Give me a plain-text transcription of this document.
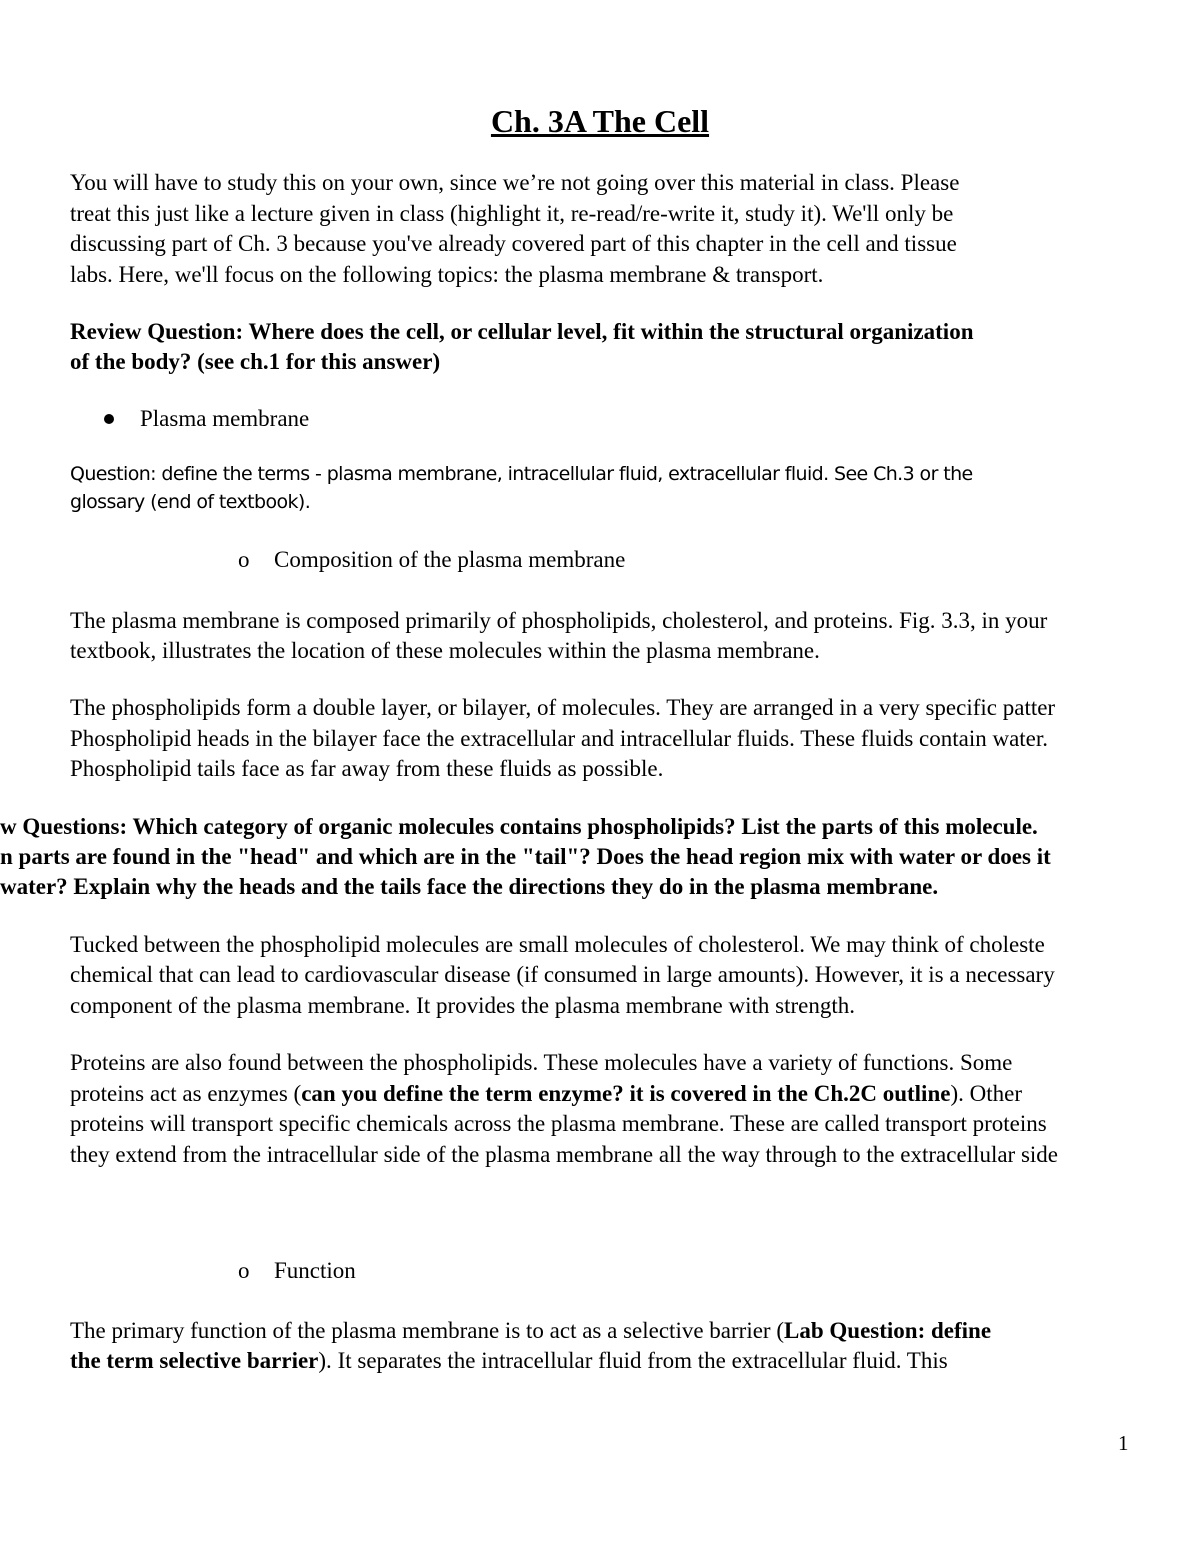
Ch. 3A The Cell
You will have to study this on your own, since we’re not going over this material in class. Please
treat this just like a lecture given in class (highlight it, re-read/re-write it, study it). We'll only be
discussing part of Ch. 3 because you've already covered part of this chapter in the cell and tissue
labs. Here, we'll focus on the following topics: the plasma membrane & transport.
Review Question: Where does the cell, or cellular level, fit within the structural organization
of the body? (see ch.1 for this answer)
Plasma membrane
Question: define the terms - plasma membrane, intracellular fluid, extracellular fluid. See Ch.3 or the
glossary (end of textbook).
o Composition of the plasma membrane
The plasma membrane is composed primarily of phospholipids, cholesterol, and proteins. Fig. 3.3, in your
textbook, illustrates the location of these molecules within the plasma membrane.
The phospholipids form a double layer, or bilayer, of molecules. They are arranged in a very specific patter
Phospholipid heads in the bilayer face the extracellular and intracellular fluids. These fluids contain water.
Phospholipid tails face as far away from these fluids as possible.
w Questions: Which category of organic molecules contains phospholipids? List the parts of this molecule.
n parts are found in the "head" and which are in the "tail"? Does the head region mix with water or does it
water? Explain why the heads and the tails face the directions they do in the plasma membrane.
Tucked between the phospholipid molecules are small molecules of cholesterol. We may think of choleste
chemical that can lead to cardiovascular disease (if consumed in large amounts). However, it is a necessary
component of the plasma membrane. It provides the plasma membrane with strength.
Proteins are also found between the phospholipids. These molecules have a variety of functions. Some
proteins act as enzymes (can you define the term enzyme? it is covered in the Ch.2C outline). Other
proteins will transport specific chemicals across the plasma membrane. These are called transport proteins
they extend from the intracellular side of the plasma membrane all the way through to the extracellular side
o Function
The primary function of the plasma membrane is to act as a selective barrier (Lab Question: define
the term selective barrier). It separates the intracellular fluid from the extracellular fluid. This
1
